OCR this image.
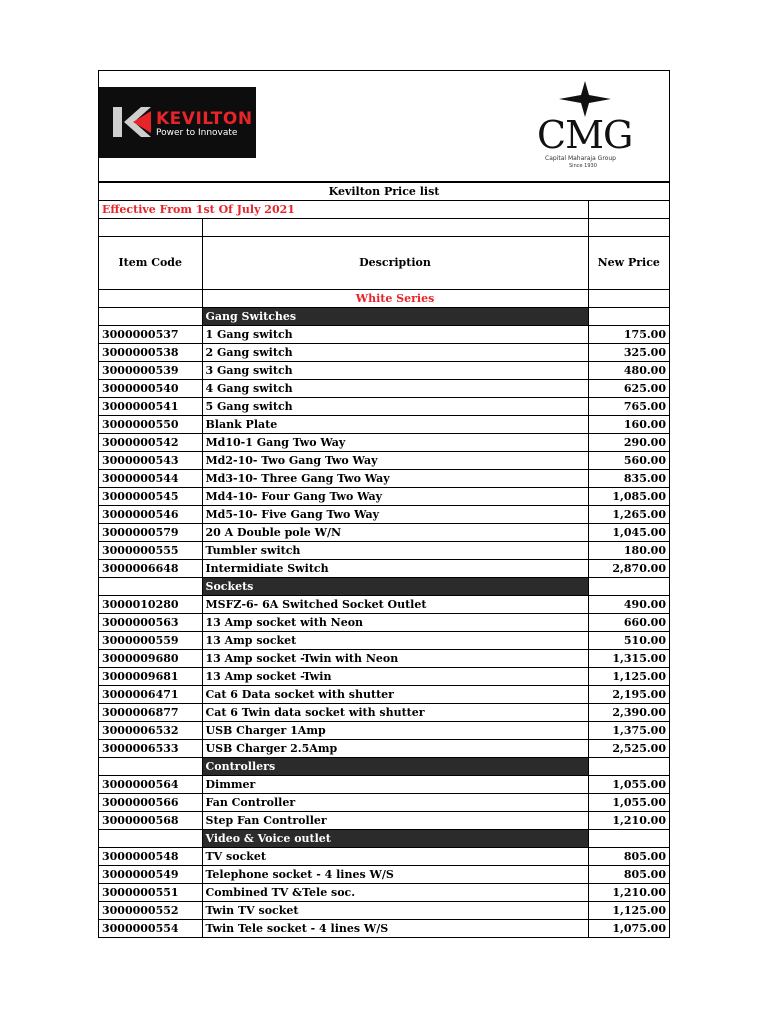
KEVILTON
Power to Innovate	CMG
Capital Maharaja Group
Since 1930
Kevilton Price list		
Effective From 1st Of July 2021		

Item Code	Description	New Price
	White Series	
	Gang Switches	
3000000537	1 Gang switch	175.00
3000000538	2 Gang switch	325.00
3000000539	3 Gang switch	480.00
3000000540	4 Gang switch	625.00
3000000541	5 Gang switch	765.00
3000000550	Blank Plate	160.00
3000000542	Md10-1 Gang Two Way	290.00
3000000543	Md2-10- Two Gang Two Way	560.00
3000000544	Md3-10- Three Gang Two Way	835.00
3000000545	Md4-10- Four Gang Two Way	1,085.00
3000000546	Md5-10- Five Gang Two Way	1,265.00
3000000579	20 A Double pole W/N	1,045.00
3000000555	Tumbler switch	180.00
3000006648	Intermidiate Switch	2,870.00
	Sockets	
3000010280	MSFZ-6- 6A Switched Socket Outlet	490.00
3000000563	13 Amp socket with Neon	660.00
3000000559	13 Amp socket	510.00
3000009680	13 Amp socket -Twin with Neon	1,315.00
3000009681	13 Amp socket -Twin	1,125.00
3000006471	Cat 6 Data socket with shutter	2,195.00
3000006877	Cat 6 Twin data socket with shutter	2,390.00
3000006532	USB Charger 1Amp	1,375.00
3000006533	USB Charger 2.5Amp	2,525.00
	Controllers	
3000000564	Dimmer	1,055.00
3000000566	Fan Controller	1,055.00
3000000568	Step Fan Controller	1,210.00
	Video & Voice outlet	
3000000548	TV socket	805.00
3000000549	Telephone socket - 4 lines W/S	805.00
3000000551	Combined TV &Tele soc.	1,210.00
3000000552	Twin TV socket	1,125.00
3000000554	Twin Tele socket - 4 lines W/S	1,075.00
